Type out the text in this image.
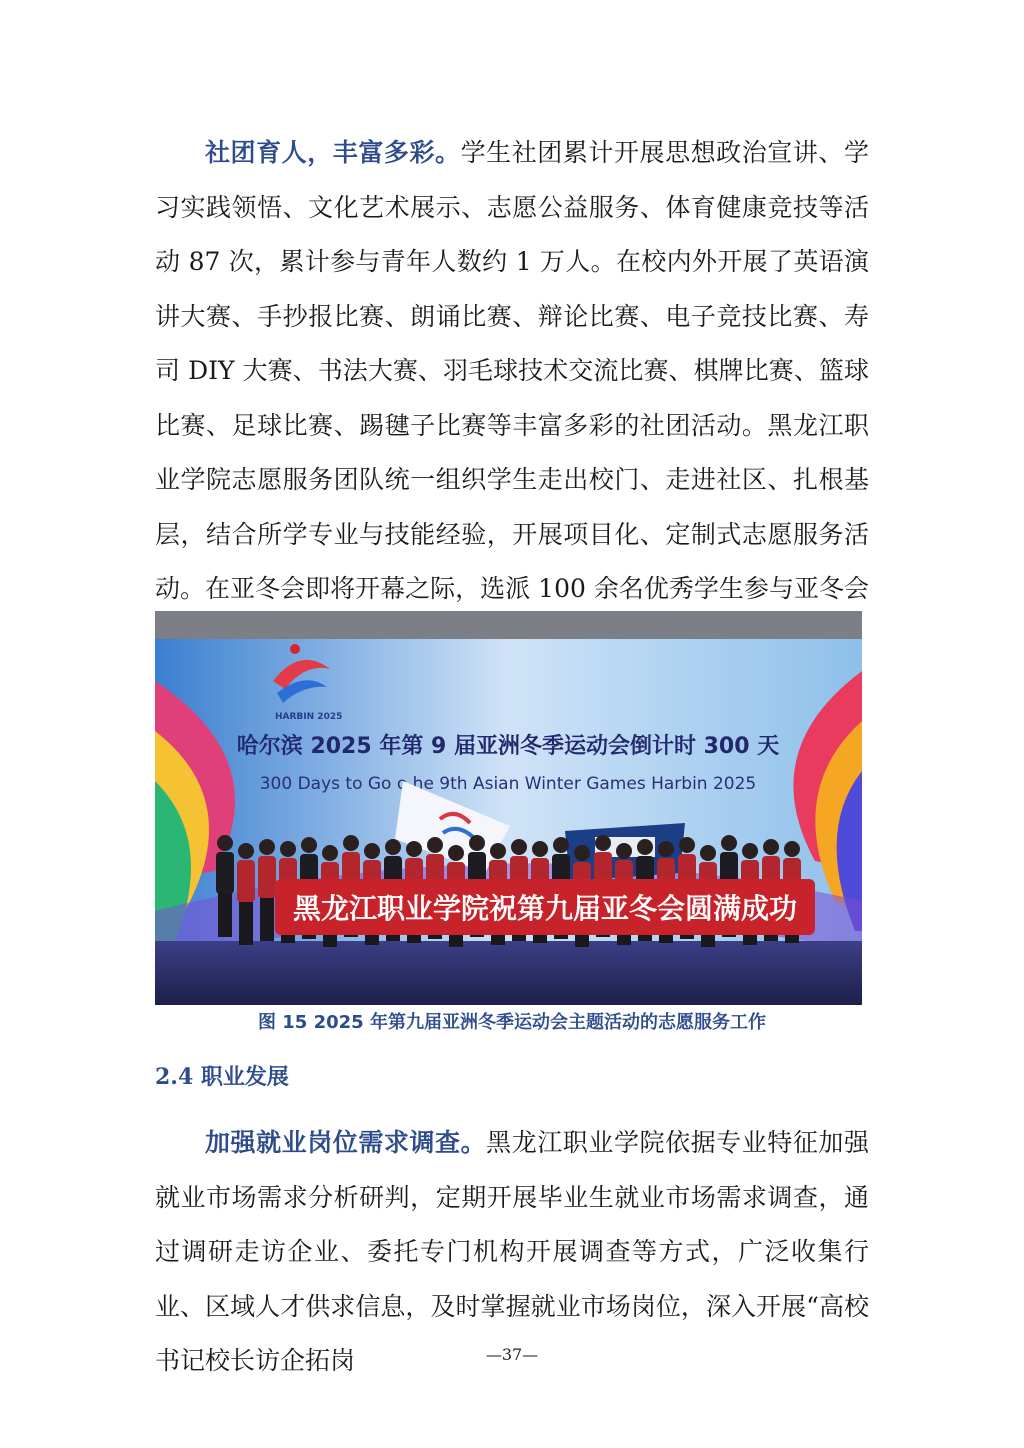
社团育人，丰富多彩。学生社团累计开展思想政治宣讲、学习实践领悟、文化艺术展示、志愿公益服务、体育健康竞技等活动 87 次，累计参与青年人数约 1 万人。在校内外开展了英语演讲大赛、手抄报比赛、朗诵比赛、辩论比赛、电子竞技比赛、寿司 DIY 大赛、书法大赛、羽毛球技术交流比赛、棋牌比赛、篮球比赛、足球比赛、踢毽子比赛等丰富多彩的社团活动。黑龙江职业学院志愿服务团队统一组织学生走出校门、走进社区、扎根基层，结合所学专业与技能经验，开展项目化、定制式志愿服务活动。在亚冬会即将开幕之际，选派 100 余名优秀学生参与亚冬会

HARBIN 2025
哈尔滨 2025 年第 9 届亚洲冬季运动会倒计时 300 天
300 Days to Go o he 9th Asian Winter Games Harbin 2025
黑龙江职业学院祝第九届亚冬会圆满成功
图 15 2025 年第九届亚洲冬季运动会主题活动的志愿服务工作
2.4 职业发展

加强就业岗位需求调查。黑龙江职业学院依据专业特征加强就业市场需求分析研判，定期开展毕业生就业市场需求调查，通过调研走访企业、委托专门机构开展调查等方式，广泛收集行业、区域人才供求信息，及时掌握就业市场岗位，深入开展“高校书记校长访企拓岗	—37—
